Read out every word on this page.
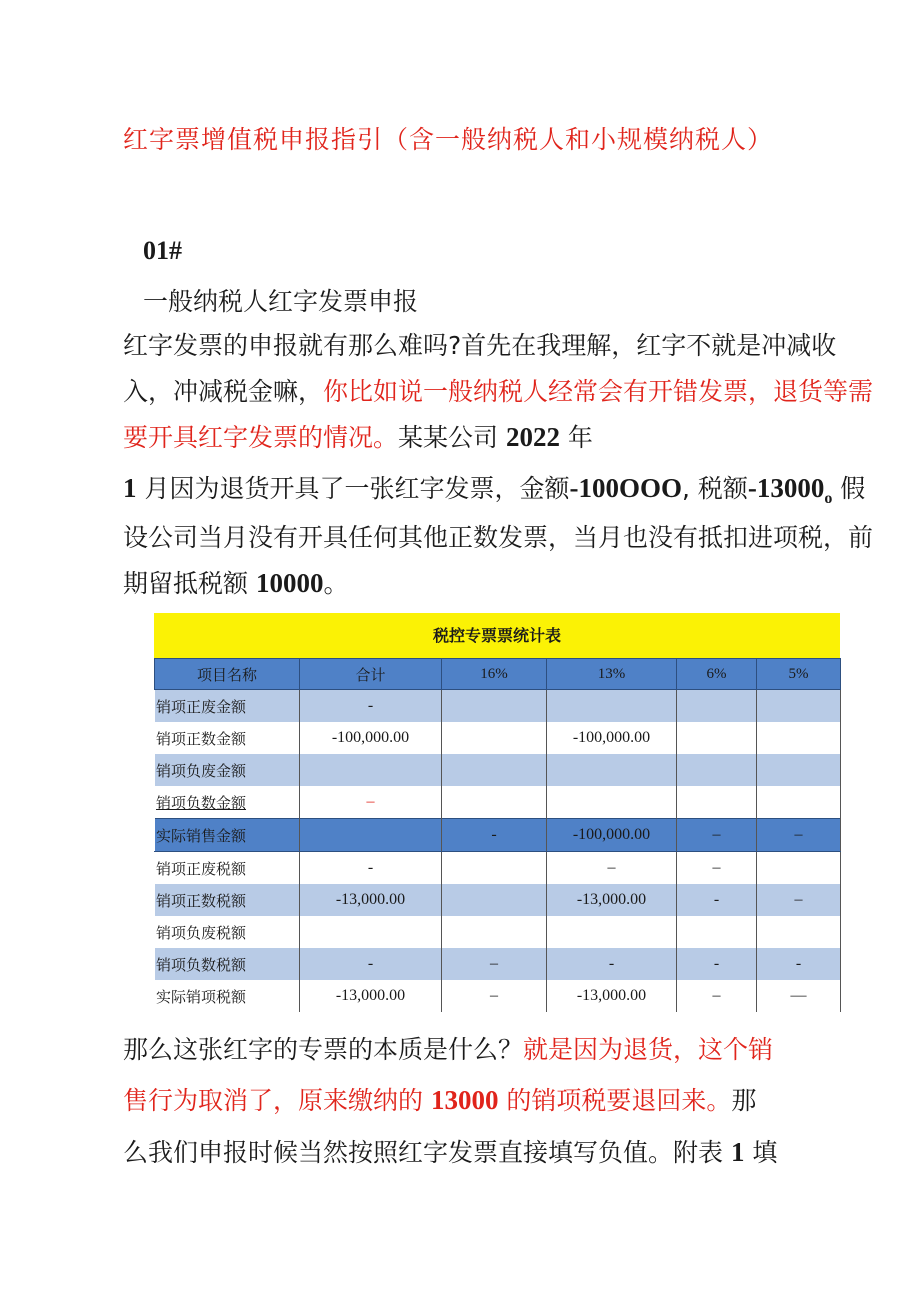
红字票增值税申报指引（含一般纳税人和小规模纳税人）
01#
一般纳税人红字发票申报
红字发票的申报就有那么难吗?首先在我理解，红字不就是冲减收
入，冲减税金嘛，你比如说一般纳税人经常会有开错发票，退货等需
要开具红字发票的情况。某某公司 2022 年
1 月因为退货开具了一张红字发票，金额-100OOO, 税额$-13000_o$ 假
设公司当月没有开具任何其他正数发票，当月也没有抵扣进项税，前
期留抵税额 10000。
税控专票票统计表
项目名称	合计	16%	13%	6%	5%
销项正废金额	-				
销项正数金额	-100,000.00		-100,000.00		
销项负废金额					
销项负数金额	–				
实际销售金额		-	-100,000.00	–	–
销项正废税额	-		–	–	
销项正数税额	-13,000.00		-13,000.00	-	–
销项负废税额					
销项负数税额	-	–	-	-	-
实际销项税额	-13,000.00	–	-13,000.00	–	—
那么这张红字的专票的本质是什么？就是因为退货，这个销
售行为取消了，原来缴纳的 13000 的销项税要退回来。那
么我们申报时候当然按照红字发票直接填写负值。附表 1 填
